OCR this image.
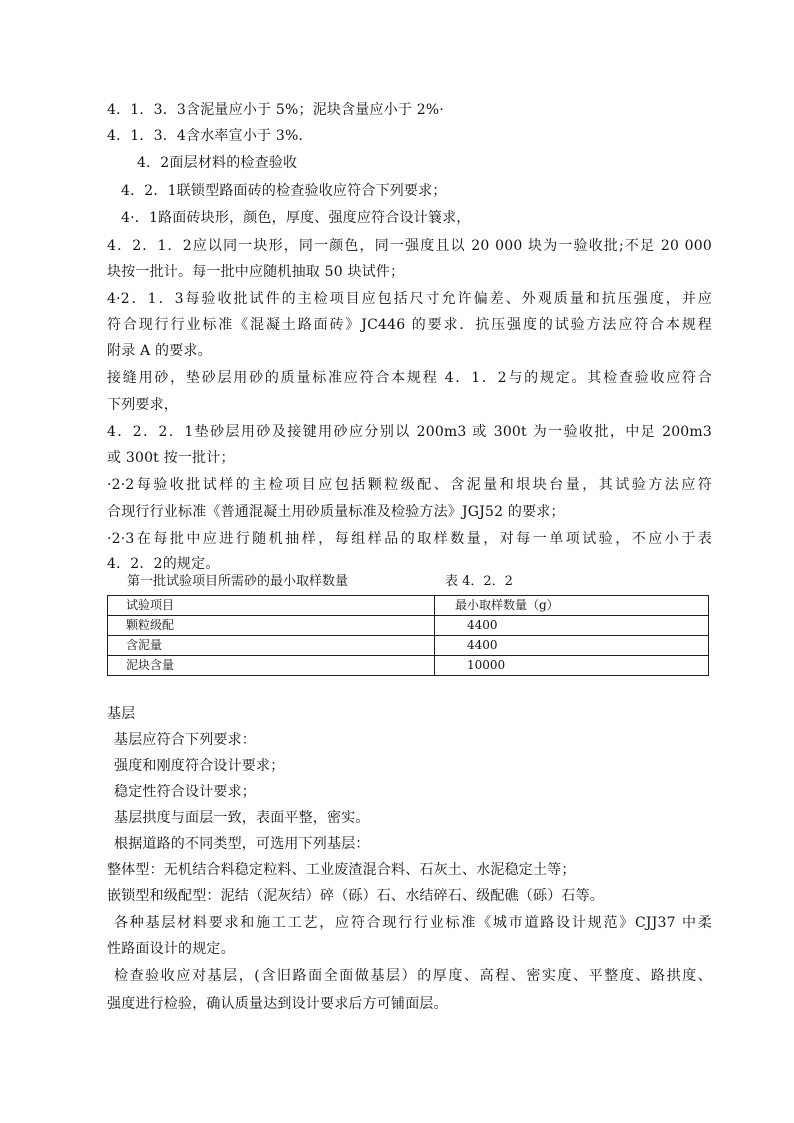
4．1．3．3含泥量应小于 5%；泥块含量应小于 2%·
4．1．3．4含水率宣小于 3%．
4．2面层材料的检查验收
4．2．1联锁型路面砖的检查验收应符合下列要求；
4·．1路面砖块形，颜色，厚度、强度应符合设计簔求，
4．2．1．2应以同一块形，同一颜色，同一强度且以 20 000 块为一验收批;不足 20 000
块按一批计。每一批中应随机抽取 50 块试件；
4·2．1．3每验收批试件的主检项目应包括尺寸允许偏差、外观质量和抗压强度，并应
符合现行行业标准《混凝土路面砖》JC446 的要求．抗压强度的试验方法应符合本规程
附录 A 的要求。
接缝用砂，垫砂层用砂的质量标准应符合本规程 4．1．2与的规定。其检查验收应符合
下列要求，
4．2．2．1垫砂层用砂及接键用砂应分别以 200m3 或 300t 为一验收批，中足 200m3
或 300t 按一批计；
·2·2每验收批试样的主检项目应包括颗粒级配、含泥量和垠块台量，其试验方法应符
合现行行业标准《普通混凝土用砂质量标准及检验方法》JGJ52 的要求；
·2·3在每批中应进行随机抽样，每组样品的取样数量，对每一单项试验，不应小于表
4．2．2的规定。
第一批试验项目所需砂的最小取样数量	表 4．2．2
试验项目	最小取样数量（g）
颗粒级配	4400
含泥量	4400
泥块含量	10000
基层
基层应符合下列要求：
强度和刚度符合设计要求；
稳定性符合设计要求；
基层拱度与面层一致，表面平整，密实。
根据道路的不同类型，可选用下列基层：
整体型：无机结合料稳定粒料、工业废渣混合料、石灰土、水泥稳定土等；
嵌锁型和级配型：泥结（泥灰结）碎（砾）石、水结碎石、级配礁（砾）石等。
各种基层材料要求和施工工艺，应符合现行行业标准《城市道路设计规范》CJJ37 中柔
性路面设计的规定。
检查验收应对基层，(含旧路面全面做基层）的厚度、高程、密实度、平整度、路拱度、
强度进行检验，确认质量达到设计要求后方可铺面层。
